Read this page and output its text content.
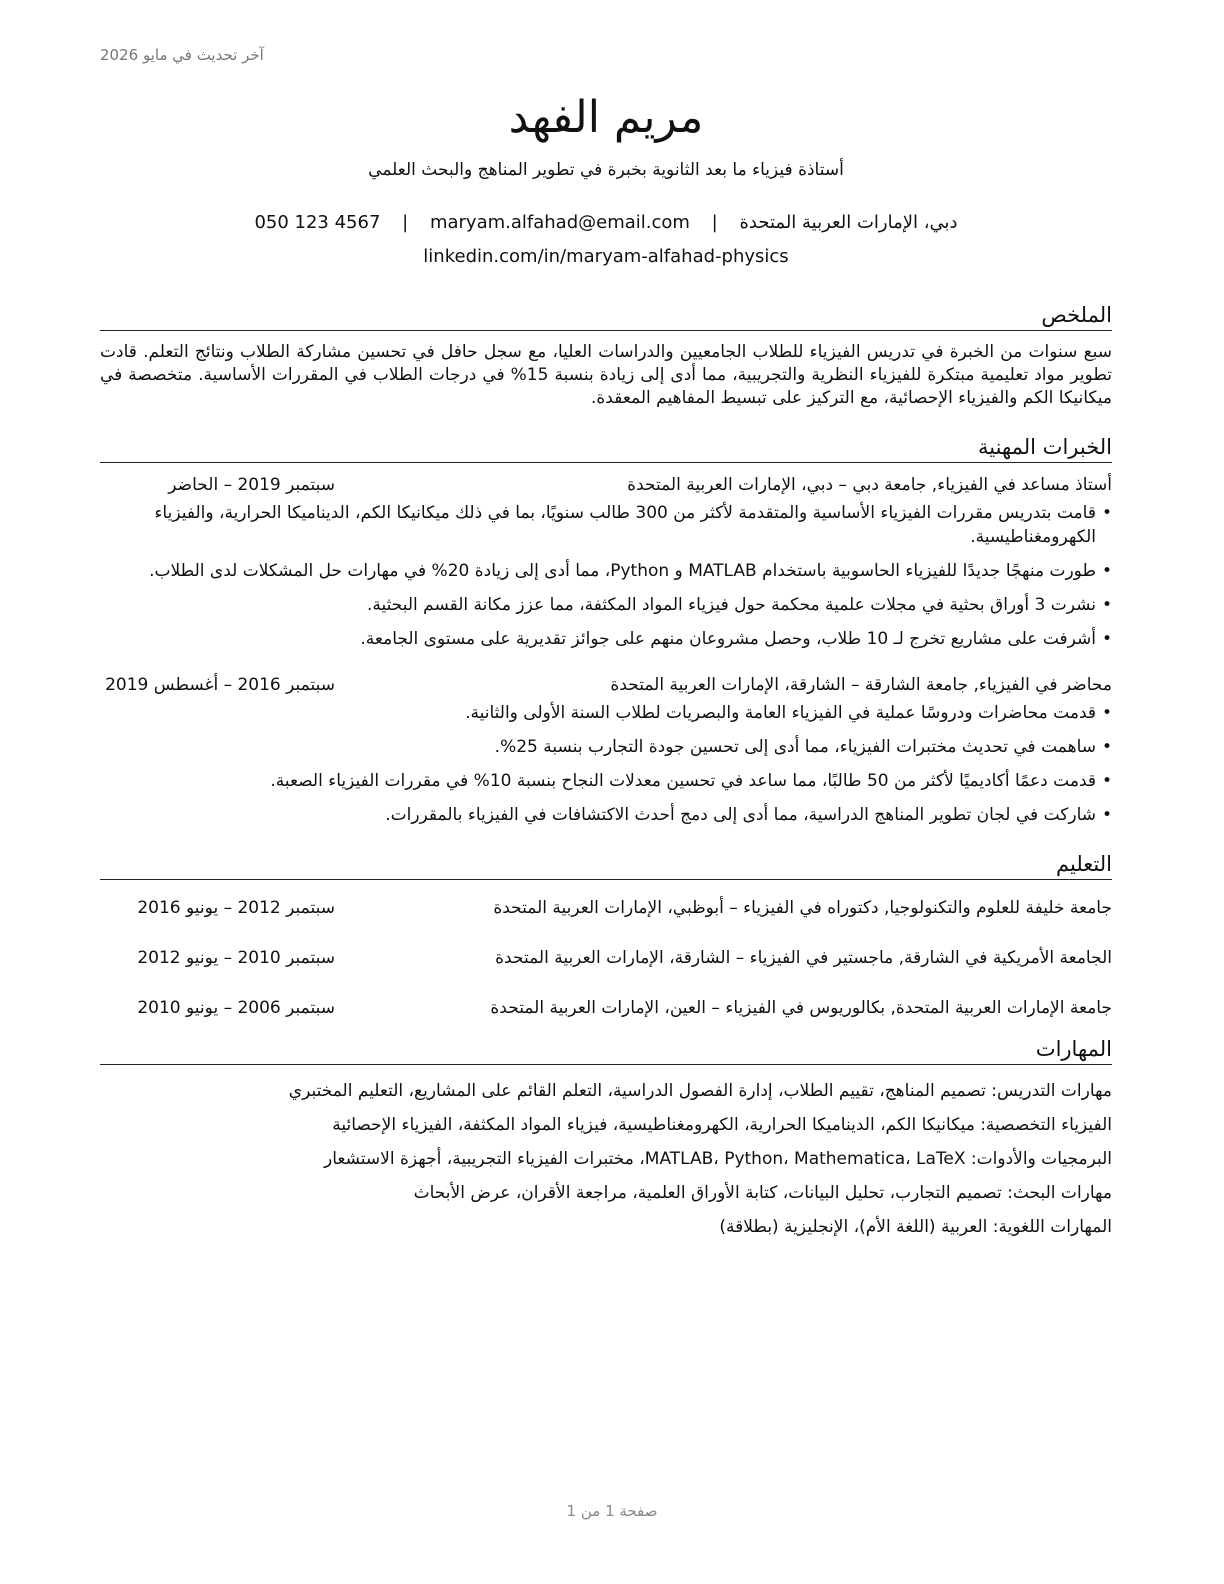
آخر تحديث في مايو 2026
مريم الفهد
أستاذة فيزياء ما بعد الثانوية بخبرة في تطوير المناهج والبحث العلمي
دبي، الإمارات العربية المتحدة | maryam.alfahad@email.com | 050 123 4567
linkedin.com/in/maryam-alfahad-physics
الملخص

سبع سنوات من الخبرة في تدريس الفيزياء للطلاب الجامعيين والدراسات العليا، مع سجل حافل في تحسين مشاركة الطلاب ونتائج التعلم. قادت تطوير مواد تعليمية مبتكرة للفيزياء النظرية والتجريبية، مما أدى إلى زيادة بنسبة 15% في درجات الطلاب في المقررات الأساسية. متخصصة في ميكانيكا الكم والفيزياء الإحصائية، مع التركيز على تبسيط المفاهيم المعقدة.

الخبرات المهنية
أستاذ مساعد في الفيزياء, جامعة دبي – دبي، الإمارات العربية المتحدة
سبتمبر 2019 – الحاضر
• قامت بتدريس مقررات الفيزياء الأساسية والمتقدمة لأكثر من 300 طالب سنويًا، بما في ذلك ميكانيكا الكم، الديناميكا الحرارية، والفيزياء الكهرومغناطيسية.
• طورت منهجًا جديدًا للفيزياء الحاسوبية باستخدام MATLAB و Python، مما أدى إلى زيادة 20% في مهارات حل المشكلات لدى الطلاب.
• نشرت 3 أوراق بحثية في مجلات علمية محكمة حول فيزياء المواد المكثفة، مما عزز مكانة القسم البحثية.
• أشرفت على مشاريع تخرج لـ 10 طلاب، وحصل مشروعان منهم على جوائز تقديرية على مستوى الجامعة.
محاضر في الفيزياء, جامعة الشارقة – الشارقة، الإمارات العربية المتحدة
سبتمبر 2016 – أغسطس 2019
• قدمت محاضرات ودروسًا عملية في الفيزياء العامة والبصريات لطلاب السنة الأولى والثانية.
• ساهمت في تحديث مختبرات الفيزياء، مما أدى إلى تحسين جودة التجارب بنسبة 25%.
• قدمت دعمًا أكاديميًا لأكثر من 50 طالبًا، مما ساعد في تحسين معدلات النجاح بنسبة 10% في مقررات الفيزياء الصعبة.
• شاركت في لجان تطوير المناهج الدراسية، مما أدى إلى دمج أحدث الاكتشافات في الفيزياء بالمقررات.
التعليم
جامعة خليفة للعلوم والتكنولوجيا, دكتوراه في الفيزياء – أبوظبي، الإمارات العربية المتحدة
سبتمبر 2012 – يونيو 2016
الجامعة الأمريكية في الشارقة, ماجستير في الفيزياء – الشارقة، الإمارات العربية المتحدة
سبتمبر 2010 – يونيو 2012
جامعة الإمارات العربية المتحدة, بكالوريوس في الفيزياء – العين، الإمارات العربية المتحدة
سبتمبر 2006 – يونيو 2010
المهارات

مهارات التدريس: تصميم المناهج، تقييم الطلاب، إدارة الفصول الدراسية، التعلم القائم على المشاريع، التعليم المختبري

الفيزياء التخصصية: ميكانيكا الكم، الديناميكا الحرارية، الكهرومغناطيسية، فيزياء المواد المكثفة، الفيزياء الإحصائية

البرمجيات والأدوات: MATLAB، Python، Mathematica، LaTeX، مختبرات الفيزياء التجريبية، أجهزة الاستشعار

مهارات البحث: تصميم التجارب، تحليل البيانات، كتابة الأوراق العلمية، مراجعة الأقران، عرض الأبحاث

المهارات اللغوية: العربية (اللغة الأم)، الإنجليزية (بطلاقة)

صفحة 1 من 1
